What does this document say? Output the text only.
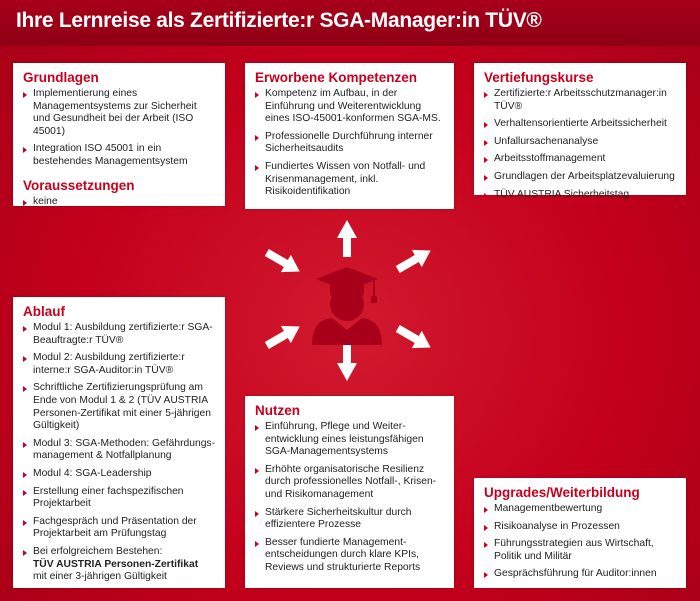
Ihre Lernreise als Zertifizierte:r SGA-Manager:in TÜV®
Grundlagen
Implementierung eines Managementsystems zur Sicherheit und Gesundheit bei der Arbeit (ISO 45001)
Integration ISO 45001 in ein bestehendes Managementsystem
Voraussetzungen
keine
Erworbene Kompetenzen
Kompetenz im Aufbau, in der Einführung und Weiterentwicklung eines ISO-45001-konformen SGA-MS.
Professionelle Durchführung interner Sicherheitsaudits
Fundiertes Wissen von Notfall- und Krisenmanagement, inkl. Risikoidentifikation
Vertiefungskurse
Zertifizierte:r Arbeitsschutzmanager:in TÜV®
Verhaltensorientierte Arbeitssicherheit
Unfallursachenanalyse
Arbeitsstoffmanagement
Grundlagen der Arbeitsplatzevaluierung
TÜV AUSTRIA Sicherheitstag
Ablauf
Modul 1: Ausbildung zertifizierte:r SGA-Beauftragte:r TÜV®
Modul 2: Ausbildung zertifizierte:r interne:r SGA-Auditor:in TÜV®
Schriftliche Zertifizierungsprüfung am Ende von Modul 1 & 2 (TÜV AUSTRIA Personen-Zertifikat mit einer 5-jährigen Gültigkeit)
Modul 3: SGA-Methoden: Gefährdungs-management & Notfallplanung
Modul 4: SGA-Leadership
Erstellung einer fachspezifischen Projektarbeit
Fachgespräch und Präsentation der Projektarbeit am Prüfungstag
Bei erfolgreichem Bestehen:
TÜV AUSTRIA Personen-Zertifikat
mit einer 3-jährigen Gültigkeit
Nutzen
Einführung, Pflege und Weiter-entwicklung eines leistungsfähigen SGA-Managementsystems
Erhöhte organisatorische Resilienz durch professionelles Notfall-, Krisen- und Risikomanagement
Stärkere Sicherheitskultur durch effizientere Prozesse
Besser fundierte Management-entscheidungen durch klare KPIs, Reviews und strukturierte Reports
Upgrades/Weiterbildung
Managementbewertung
Risikoanalyse in Prozessen
Führungsstrategien aus Wirtschaft, Politik und Militär
Gesprächsführung für Auditor:innen
